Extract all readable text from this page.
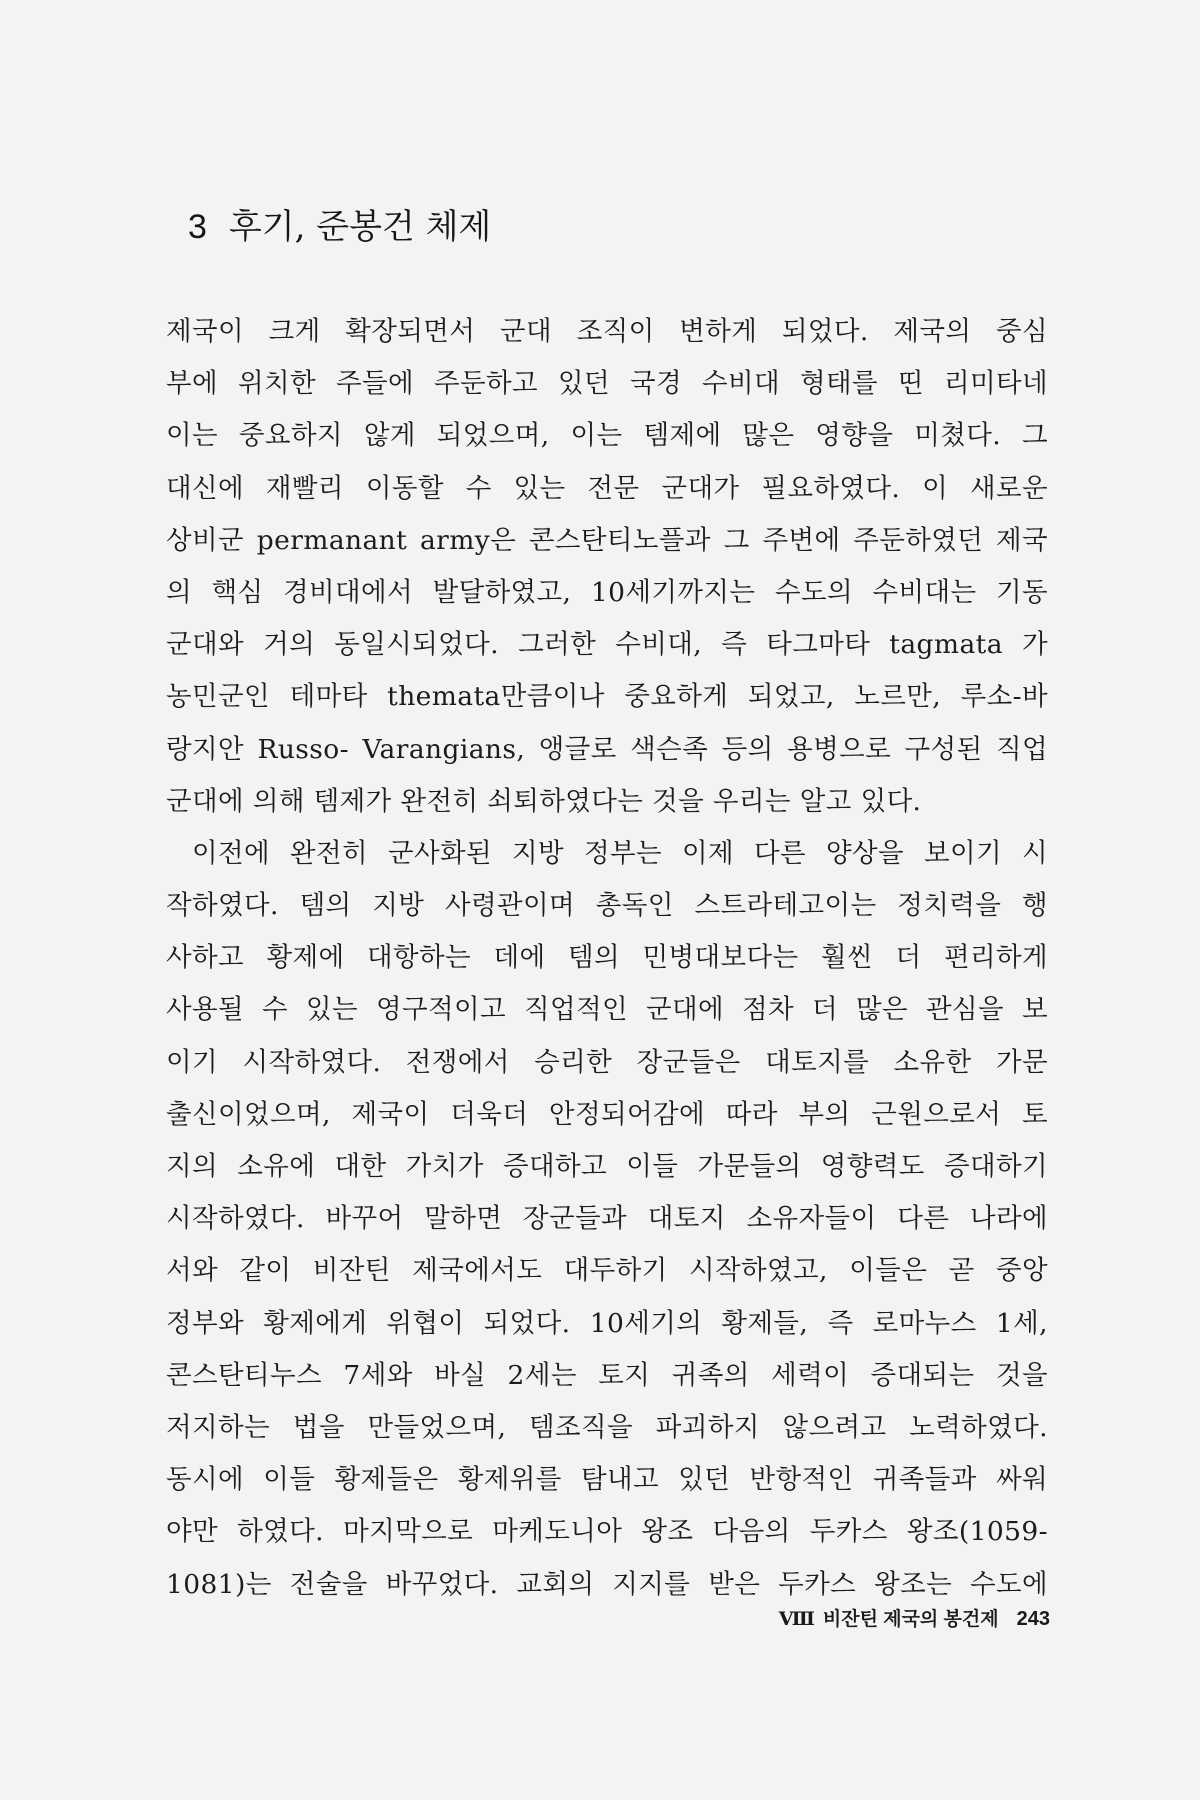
3 후기, 준봉건 체제
제국이 크게 확장되면서 군대 조직이 변하게 되었다. 제국의 중심
부에 위치한 주들에 주둔하고 있던 국경 수비대 형태를 띤 리미타네
이는 중요하지 않게 되었으며, 이는 템제에 많은 영향을 미쳤다. 그
대신에 재빨리 이동할 수 있는 전문 군대가 필요하였다. 이 새로운
상비군 permanant army은 콘스탄티노플과 그 주변에 주둔하였던 제국
의 핵심 경비대에서 발달하였고, 10세기까지는 수도의 수비대는 기동
군대와 거의 동일시되었다. 그러한 수비대, 즉 타그마타 tagmata 가
농민군인 테마타 themata만큼이나 중요하게 되었고, 노르만, 루소-바
랑지안 Russo- Varangians, 앵글로 색슨족 등의 용병으로 구성된 직업
군대에 의해 템제가 완전히 쇠퇴하였다는 것을 우리는 알고 있다.
이전에 완전히 군사화된 지방 정부는 이제 다른 양상을 보이기 시
작하였다. 템의 지방 사령관이며 총독인 스트라테고이는 정치력을 행
사하고 황제에 대항하는 데에 템의 민병대보다는 훨씬 더 편리하게
사용될 수 있는 영구적이고 직업적인 군대에 점차 더 많은 관심을 보
이기 시작하였다. 전쟁에서 승리한 장군들은 대토지를 소유한 가문
출신이었으며, 제국이 더욱더 안정되어감에 따라 부의 근원으로서 토
지의 소유에 대한 가치가 증대하고 이들 가문들의 영향력도 증대하기
시작하였다. 바꾸어 말하면 장군들과 대토지 소유자들이 다른 나라에
서와 같이 비잔틴 제국에서도 대두하기 시작하였고, 이들은 곧 중앙
정부와 황제에게 위협이 되었다. 10세기의 황제들, 즉 로마누스 1세,
콘스탄티누스 7세와 바실 2세는 토지 귀족의 세력이 증대되는 것을
저지하는 법을 만들었으며, 템조직을 파괴하지 않으려고 노력하였다.
동시에 이들 황제들은 황제위를 탐내고 있던 반항적인 귀족들과 싸워
야만 하였다. 마지막으로 마케도니아 왕조 다음의 두카스 왕조(1059-
1081)는 전술을 바꾸었다. 교회의 지지를 받은 두카스 왕조는 수도에
Ⅷ 비잔틴 제국의 봉건제 243
